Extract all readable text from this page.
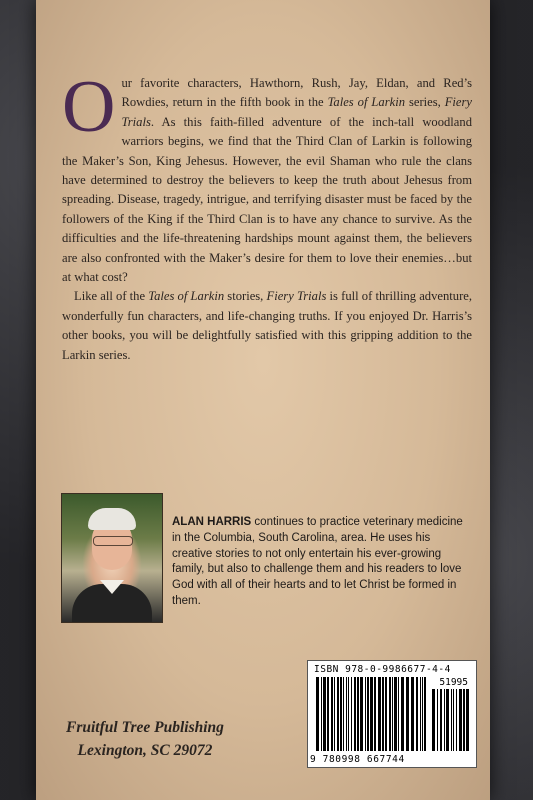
Our favorite characters, Hawthorn, Rush, Jay, Eldan, and Red’s Rowdies, return in the fifth book in the Tales of Larkin series, Fiery Trials. As this faith-filled adventure of the inch-tall woodland warriors begins, we find that the Third Clan of Larkin is following the Maker’s Son, King Jehesus. However, the evil Shaman who rule the clans have determined to destroy the believers to keep the truth about Jehesus from spreading. Disease, tragedy, intrigue, and terrifying disaster must be faced by the followers of the King if the Third Clan is to have any chance to survive. As the difficulties and the life-threatening hardships mount against them, the believers are also confronted with the Maker’s desire for them to love their enemies…but at what cost?

Like all of the Tales of Larkin stories, Fiery Trials is full of thrilling adventure, wonderfully fun characters, and life-changing truths. If you enjoyed Dr. Harris’s other books, you will be delightfully satisfied with this gripping addition to the Larkin series.

ALAN HARRIS continues to practice veterinary medicine in the Columbia, South Carolina, area. He uses his creative stories to not only entertain his ever-growing family, but also to challenge them and his readers to love God with all of their hearts and to let Christ be formed in them.
Fruitful Tree Publishing
Lexington, SC 29072
ISBN 978-0-9986677-4-4
51995
9 780998 667744
